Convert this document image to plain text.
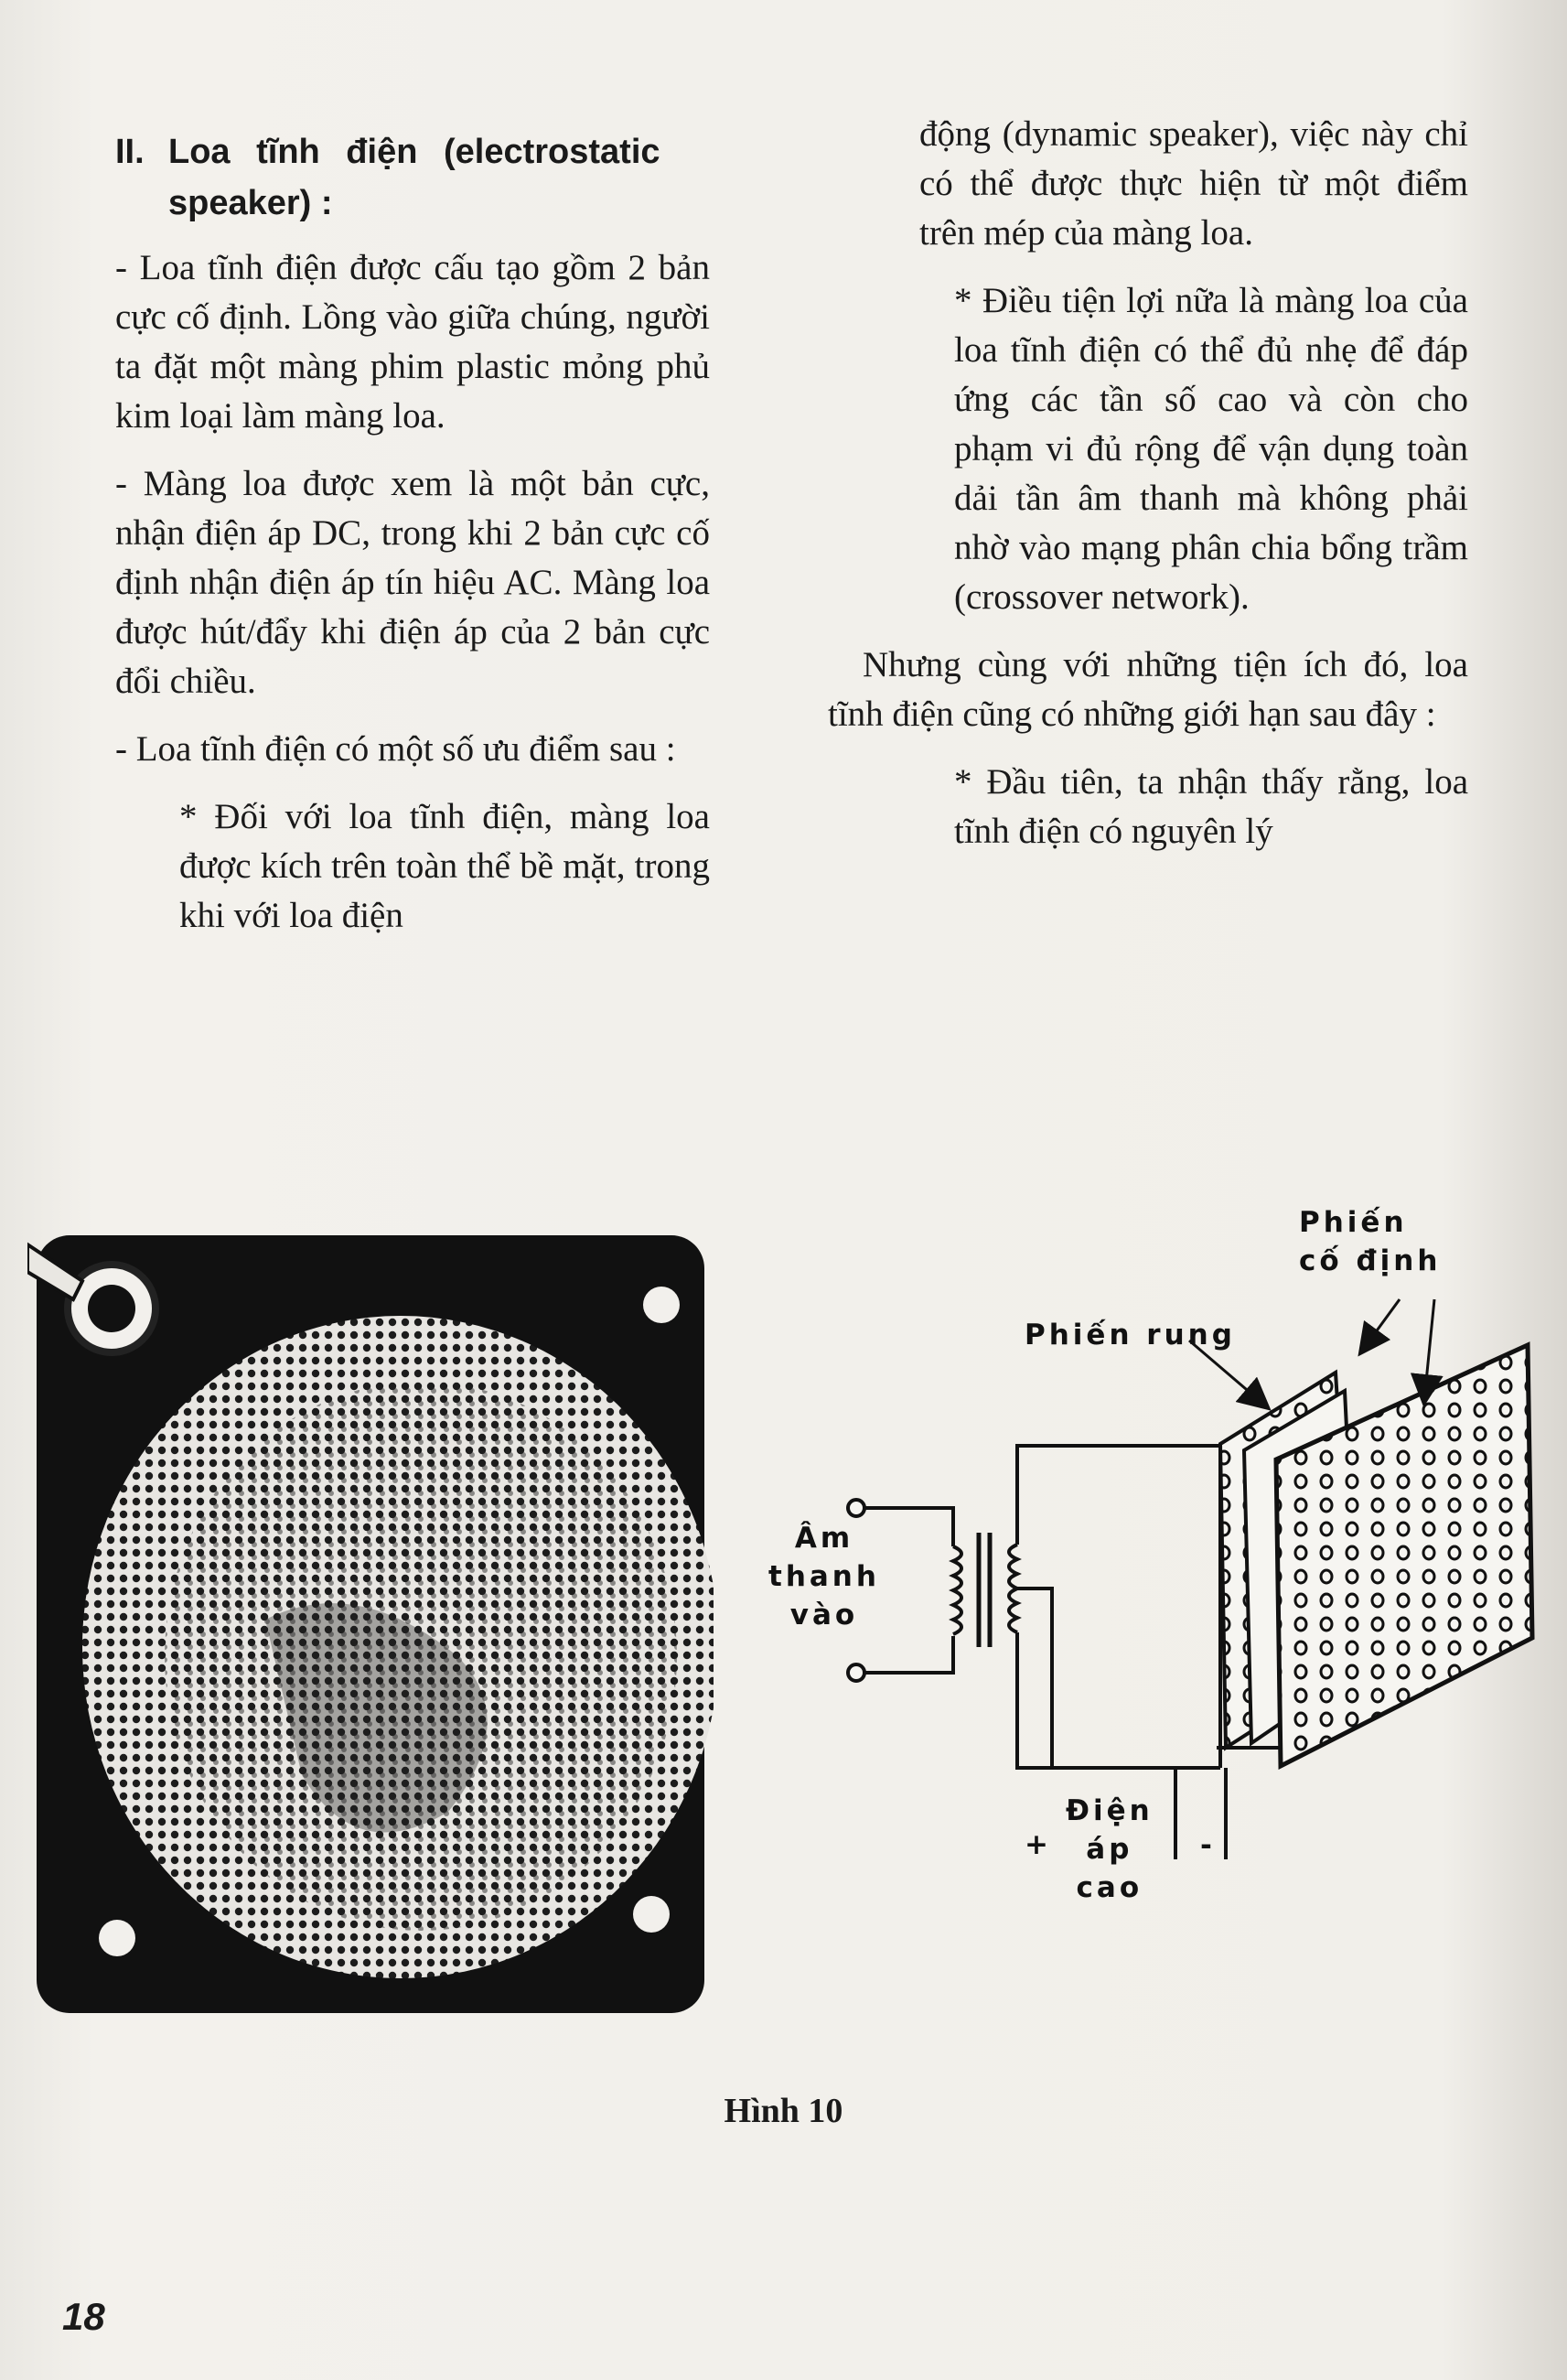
II. Loa tĩnh điện (electrostatic
speaker) :

- Loa tĩnh điện được cấu tạo gồm 2 bản cực cố định. Lồng vào giữa chúng, người ta đặt một màng phim plastic mỏng phủ kim loại làm màng loa.

- Màng loa được xem là một bản cực, nhận điện áp DC, trong khi 2 bản cực cố định nhận điện áp tín hiệu AC. Màng loa được hút/đẩy khi điện áp của 2 bản cực đổi chiều.

- Loa tĩnh điện có một số ưu điểm sau :

* Đối với loa tĩnh điện, màng loa được kích trên toàn thể bề mặt, trong khi với loa điện

động (dynamic speaker), việc này chỉ có thể được thực hiện từ một điểm trên mép của màng loa.

* Điều tiện lợi nữa là màng loa của loa tĩnh điện có thể đủ nhẹ để đáp ứng các tần số cao và còn cho phạm vi đủ rộng để vận dụng toàn dải tần âm thanh mà không phải nhờ vào mạng phân chia bổng trầm (crossover network).

Nhưng cùng với những tiện ích đó, loa tĩnh điện cũng có những giới hạn sau đây :

* Đầu tiên, ta nhận thấy rằng, loa tĩnh điện có nguyên lý

Phiến
cố định
Phiến rung
Âm
thanh
vào
Điện
áp
cao
+	-
Hình 10
18
